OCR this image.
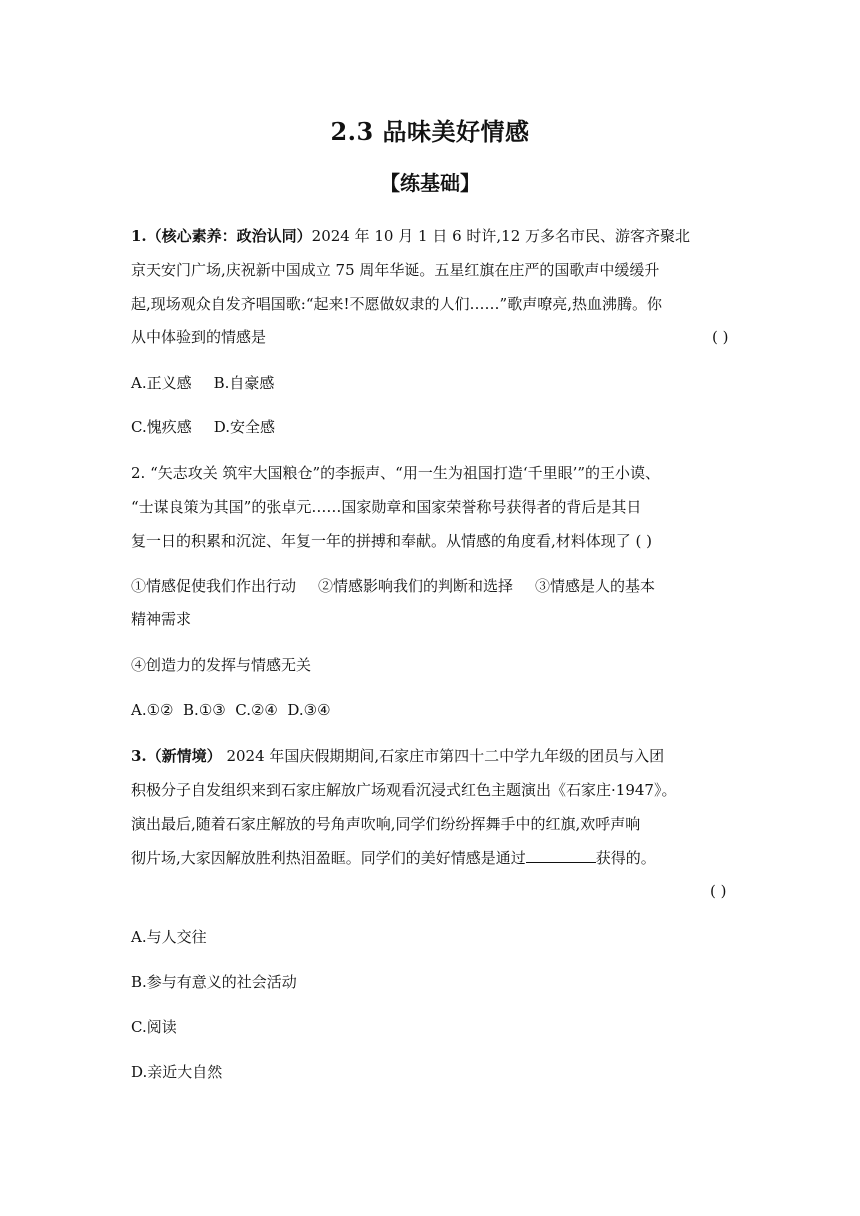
2.3 品味美好情感
【练基础】
1.（核心素养：政治认同）2024 年 10 月 1 日 6 时许,12 万多名市民、游客齐聚北
京天安门广场,庆祝新中国成立 75 周年华诞。五星红旗在庄严的国歌声中缓缓升
起,现场观众自发齐唱国歌:“起来!不愿做奴隶的人们……”歌声嘹亮,热血沸腾。你
从中体验到的情感是	( )
A.正义感 B.自豪感
C.愧疚感 D.安全感
2. “矢志攻关 筑牢大国粮仓”的李振声、“用一生为祖国打造‘千里眼’”的王小谟、
“士谋良策为其国”的张卓元……国家勋章和国家荣誉称号获得者的背后是其日
复一日的积累和沉淀、年复一年的拼搏和奉献。从情感的角度看,材料体现了 ( )
①情感促使我们作出行动 ②情感影响我们的判断和选择 ③情感是人的基本
精神需求
④创造力的发挥与情感无关
A.①②  B.①③  C.②④  D.③④
3.（新情境） 2024 年国庆假期期间,石家庄市第四十二中学九年级的团员与入团
积极分子自发组织来到石家庄解放广场观看沉浸式红色主题演出《石家庄·1947》。
演出最后,随着石家庄解放的号角声吹响,同学们纷纷挥舞手中的红旗,欢呼声响
彻片场,大家因解放胜利热泪盈眶。同学们的美好情感是通过	获得的。
( )
A.与人交往
B.参与有意义的社会活动
C.阅读
D.亲近大自然
